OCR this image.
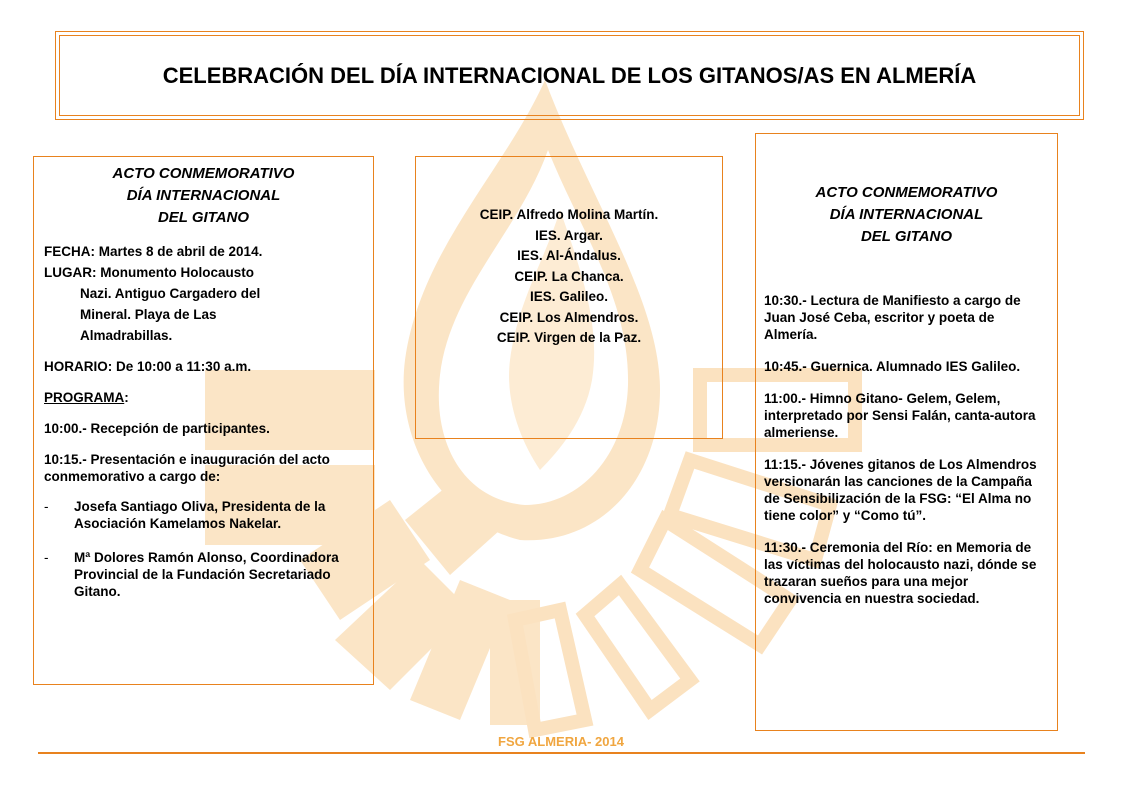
CELEBRACIÓN DEL DÍA INTERNACIONAL DE LOS GITANOS/AS EN ALMERÍA
ACTO CONMEMORATIVO
DÍA INTERNACIONAL
DEL GITANO
FECHA: Martes 8 de abril de 2014.
LUGAR: Monumento Holocausto
Nazi. Antiguo Cargadero del
Mineral. Playa de Las
Almadrabillas.
HORARIO: De 10:00 a 11:30 a.m.
PROGRAMA:
10:00.- Recepción de participantes.
10:15.- Presentación e inauguración del acto conmemorativo a cargo de:
-	Josefa Santiago Oliva, Presidenta de la Asociación Kamelamos Nakelar.
-	Mª Dolores Ramón Alonso, Coordinadora Provincial de la Fundación Secretariado Gitano.
CEIP. Alfredo Molina Martín.
IES. Argar.
IES. Al-Ándalus.
CEIP. La Chanca.
IES. Galileo.
CEIP. Los Almendros.
CEIP. Virgen de la Paz.
ACTO CONMEMORATIVO
DÍA INTERNACIONAL
DEL GITANO
10:30.- Lectura de Manifiesto a cargo de Juan José Ceba, escritor y poeta de Almería.
10:45.- Guernica. Alumnado IES Galileo.
11:00.- Himno Gitano- Gelem, Gelem, interpretado por Sensi Falán, canta-autora almeriense.
11:15.- Jóvenes gitanos de Los Almendros versionarán las canciones de la Campaña de Sensibilización de la FSG: “El Alma no tiene color” y “Como tú”.
11:30.- Ceremonia del Río: en Memoria de las víctimas del holocausto nazi, dónde se trazaran sueños para una mejor convivencia en nuestra sociedad.
FSG ALMERIA- 2014
